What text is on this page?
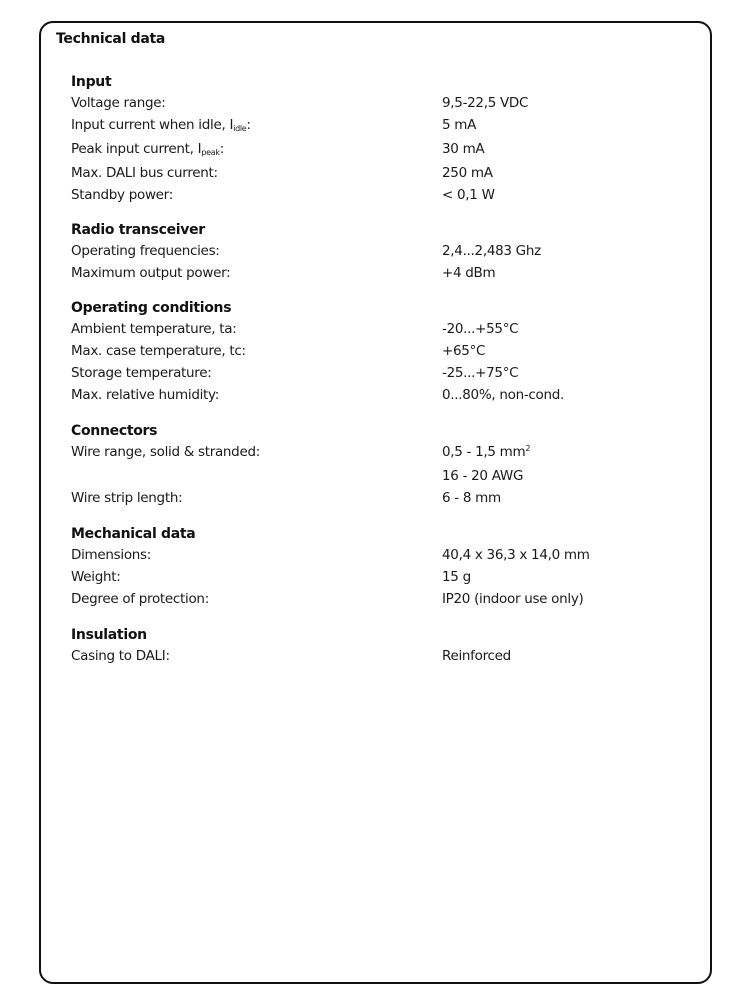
Technical data
Input
Voltage range:	9,5-22,5 VDC
Input current when idle, Iidle:	5 mA
Peak input current, Ipeak:	30 mA
Max. DALI bus current:	250 mA
Standby power:	< 0,1 W
Radio transceiver
Operating frequencies:	2,4...2,483 Ghz
Maximum output power:	+4 dBm
Operating conditions
Ambient temperature, ta:	-20...+55°C
Max. case temperature, tc:	+65°C
Storage temperature:	-25...+75°C
Max. relative humidity:	0...80%, non-cond.
Connectors
Wire range, solid & stranded:	0,5 - 1,5 $mm^2$
16 - 20 AWG
Wire strip length:	6 - 8 mm
Mechanical data
Dimensions:	40,4 x 36,3 x 14,0 mm
Weight:	15 g
Degree of protection:	IP20 (indoor use only)
Insulation
Casing to DALI:	Reinforced
